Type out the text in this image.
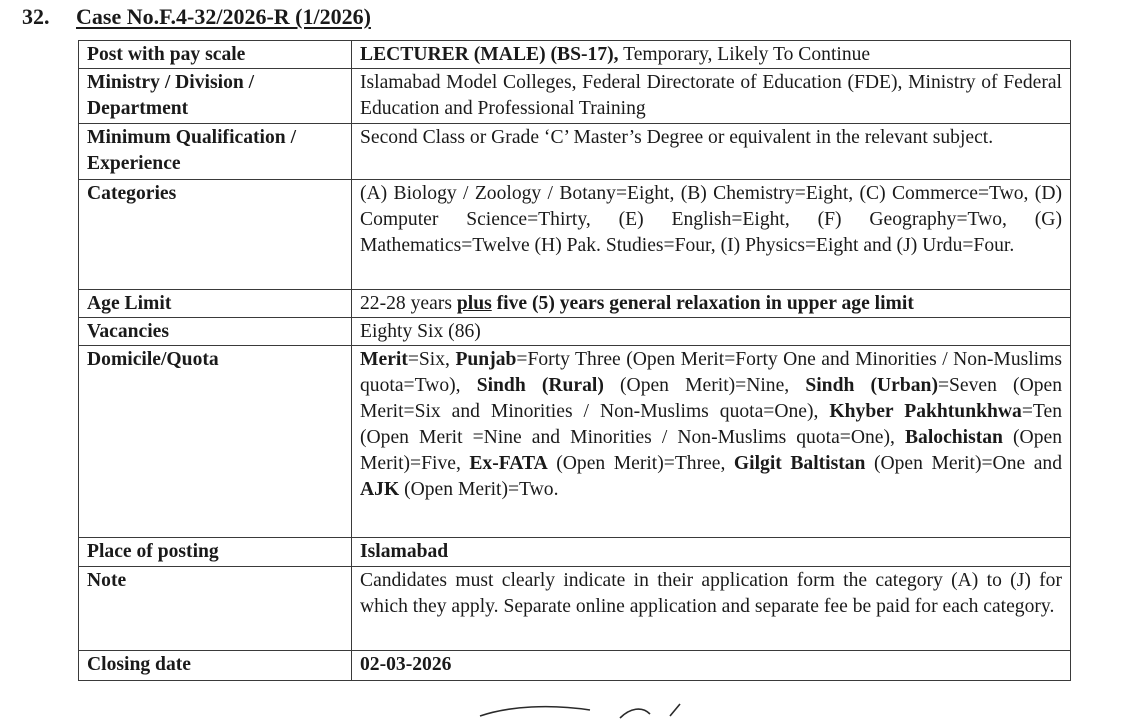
32.	Case No.F.4-32/2026-R (1/2026)
Post with pay scale	LECTURER (MALE) (BS-17), Temporary, Likely To Continue
Ministry / Division / Department	Islamabad Model Colleges, Federal Directorate of Education (FDE), Ministry of Federal Education and Professional Training
Minimum Qualification / Experience	Second Class or Grade ‘C’ Master’s Degree or equivalent in the relevant subject.
Categories	(A) Biology / Zoology / Botany=Eight, (B) Chemistry=Eight, (C) Commerce=Two, (D) Computer Science=Thirty, (E) English=Eight, (F) Geography=Two, (G) Mathematics=Twelve (H) Pak. Studies=Four, (I) Physics=Eight and (J) Urdu=Four.
Age Limit	22-28 years plus five (5) years general relaxation in upper age limit
Vacancies	Eighty Six (86)
Domicile/Quota	Merit=Six, Punjab=Forty Three (Open Merit=Forty One and Minorities / Non-Muslims quota=Two), Sindh (Rural) (Open Merit)=Nine, Sindh (Urban)=Seven (Open Merit=Six and Minorities / Non-Muslims quota=One), Khyber Pakhtunkhwa=Ten (Open Merit =Nine and Minorities / Non-Muslims quota=One), Balochistan (Open Merit)=Five, Ex-FATA (Open Merit)=Three, Gilgit Baltistan (Open Merit)=One and AJK (Open Merit)=Two.
Place of posting	Islamabad
Note	Candidates must clearly indicate in their application form the category (A) to (J) for which they apply. Separate online application and separate fee be paid for each category.
Closing date	02-03-2026
